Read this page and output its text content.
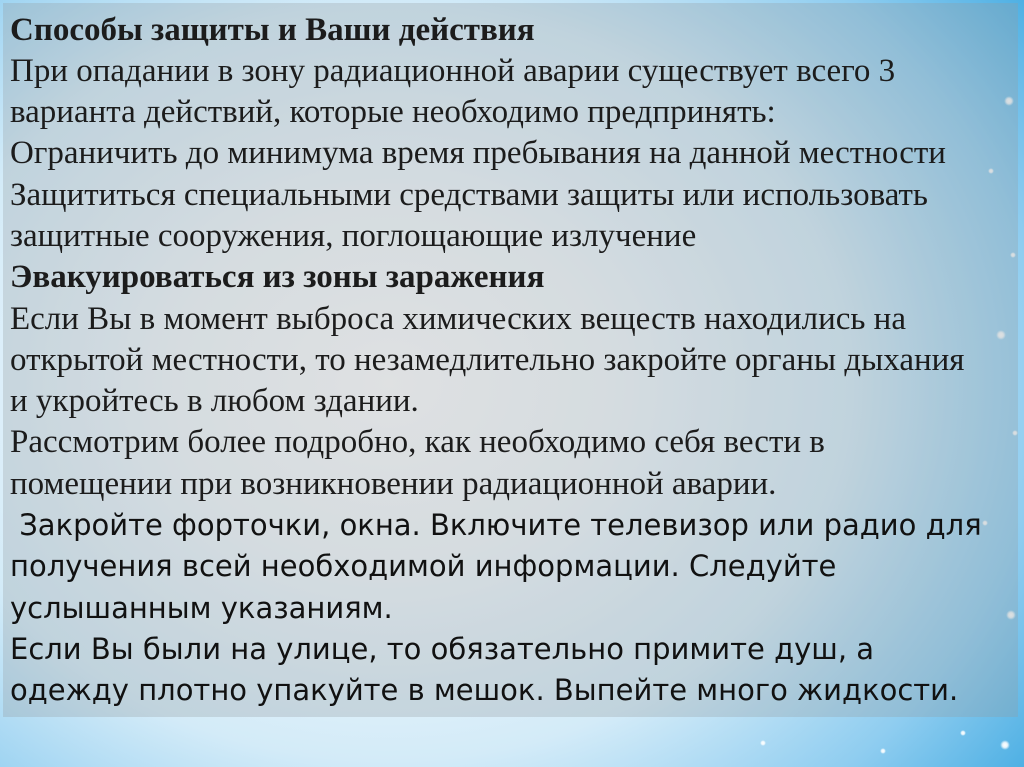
Способы защиты и Ваши действия
При опадании в зону радиационной аварии существует всего 3
варианта действий, которые необходимо предпринять:
Ограничить до минимума время пребывания на данной местности
Защититься специальными средствами защиты или использовать
защитные сооружения, поглощающие излучение
Эвакуироваться из зоны заражения
Если Вы в момент выброса химических веществ находились на
открытой местности, то незамедлительно закройте органы дыхания
и укройтесь в любом здании.
Рассмотрим более подробно, как необходимо себя вести в
помещении при возникновении радиационной аварии.
Закройте форточки, окна. Включите телевизор или радио для
получения всей необходимой информации. Следуйте
услышанным указаниям.
Если Вы были на улице, то обязательно примите душ, а
одежду плотно упакуйте в мешок. Выпейте много жидкости.
